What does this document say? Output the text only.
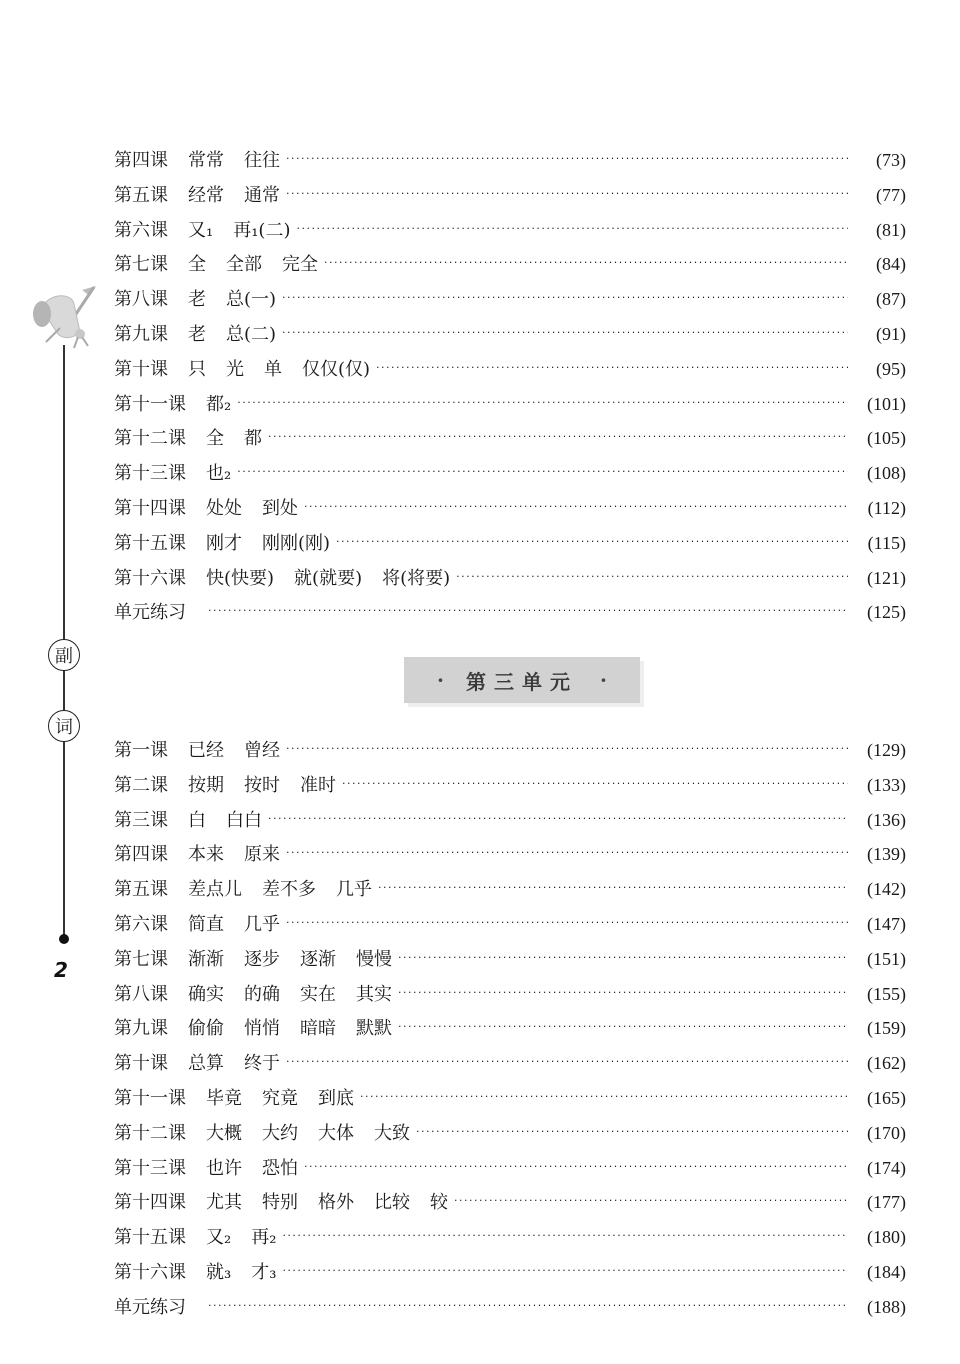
副
词
2
第四课 常常 往往 ·····	(73)
第五课 经常 通常 ·····	(77)
第六课 又₁ 再₁(二) ·····	(81)
第七课 全 全部 完全 ·····	(84)
第八课 老 总(一) ·····	(87)
第九课 老 总(二) ·····	(91)
第十课 只 光 单 仅仅(仅) ·····	(95)
第十一课 都₂ ·····	(101)
第十二课 全 都 ·····	(105)
第十三课 也₂ ·····	(108)
第十四课 处处 到处 ·····	(112)
第十五课 刚才 刚刚(刚) ·····	(115)
第十六课 快(快要) 就(就要) 将(将要) ·····	(121)
单元练习 ·····	(125)
· 第三单元 ·
第一课 已经 曾经 ·····	(129)
第二课 按期 按时 准时 ·····	(133)
第三课 白 白白 ·····	(136)
第四课 本来 原来 ·····	(139)
第五课 差点儿 差不多 几乎 ·····	(142)
第六课 简直 几乎 ·····	(147)
第七课 渐渐 逐步 逐渐 慢慢 ·····	(151)
第八课 确实 的确 实在 其实 ·····	(155)
第九课 偷偷 悄悄 暗暗 默默 ·····	(159)
第十课 总算 终于 ·····	(162)
第十一课 毕竟 究竟 到底 ·····	(165)
第十二课 大概 大约 大体 大致 ·····	(170)
第十三课 也许 恐怕 ·····	(174)
第十四课 尤其 特别 格外 比较 较 ·····	(177)
第十五课 又₂ 再₂ ·····	(180)
第十六课 就₃ 才₃ ·····	(184)
单元练习 ·····	(188)
